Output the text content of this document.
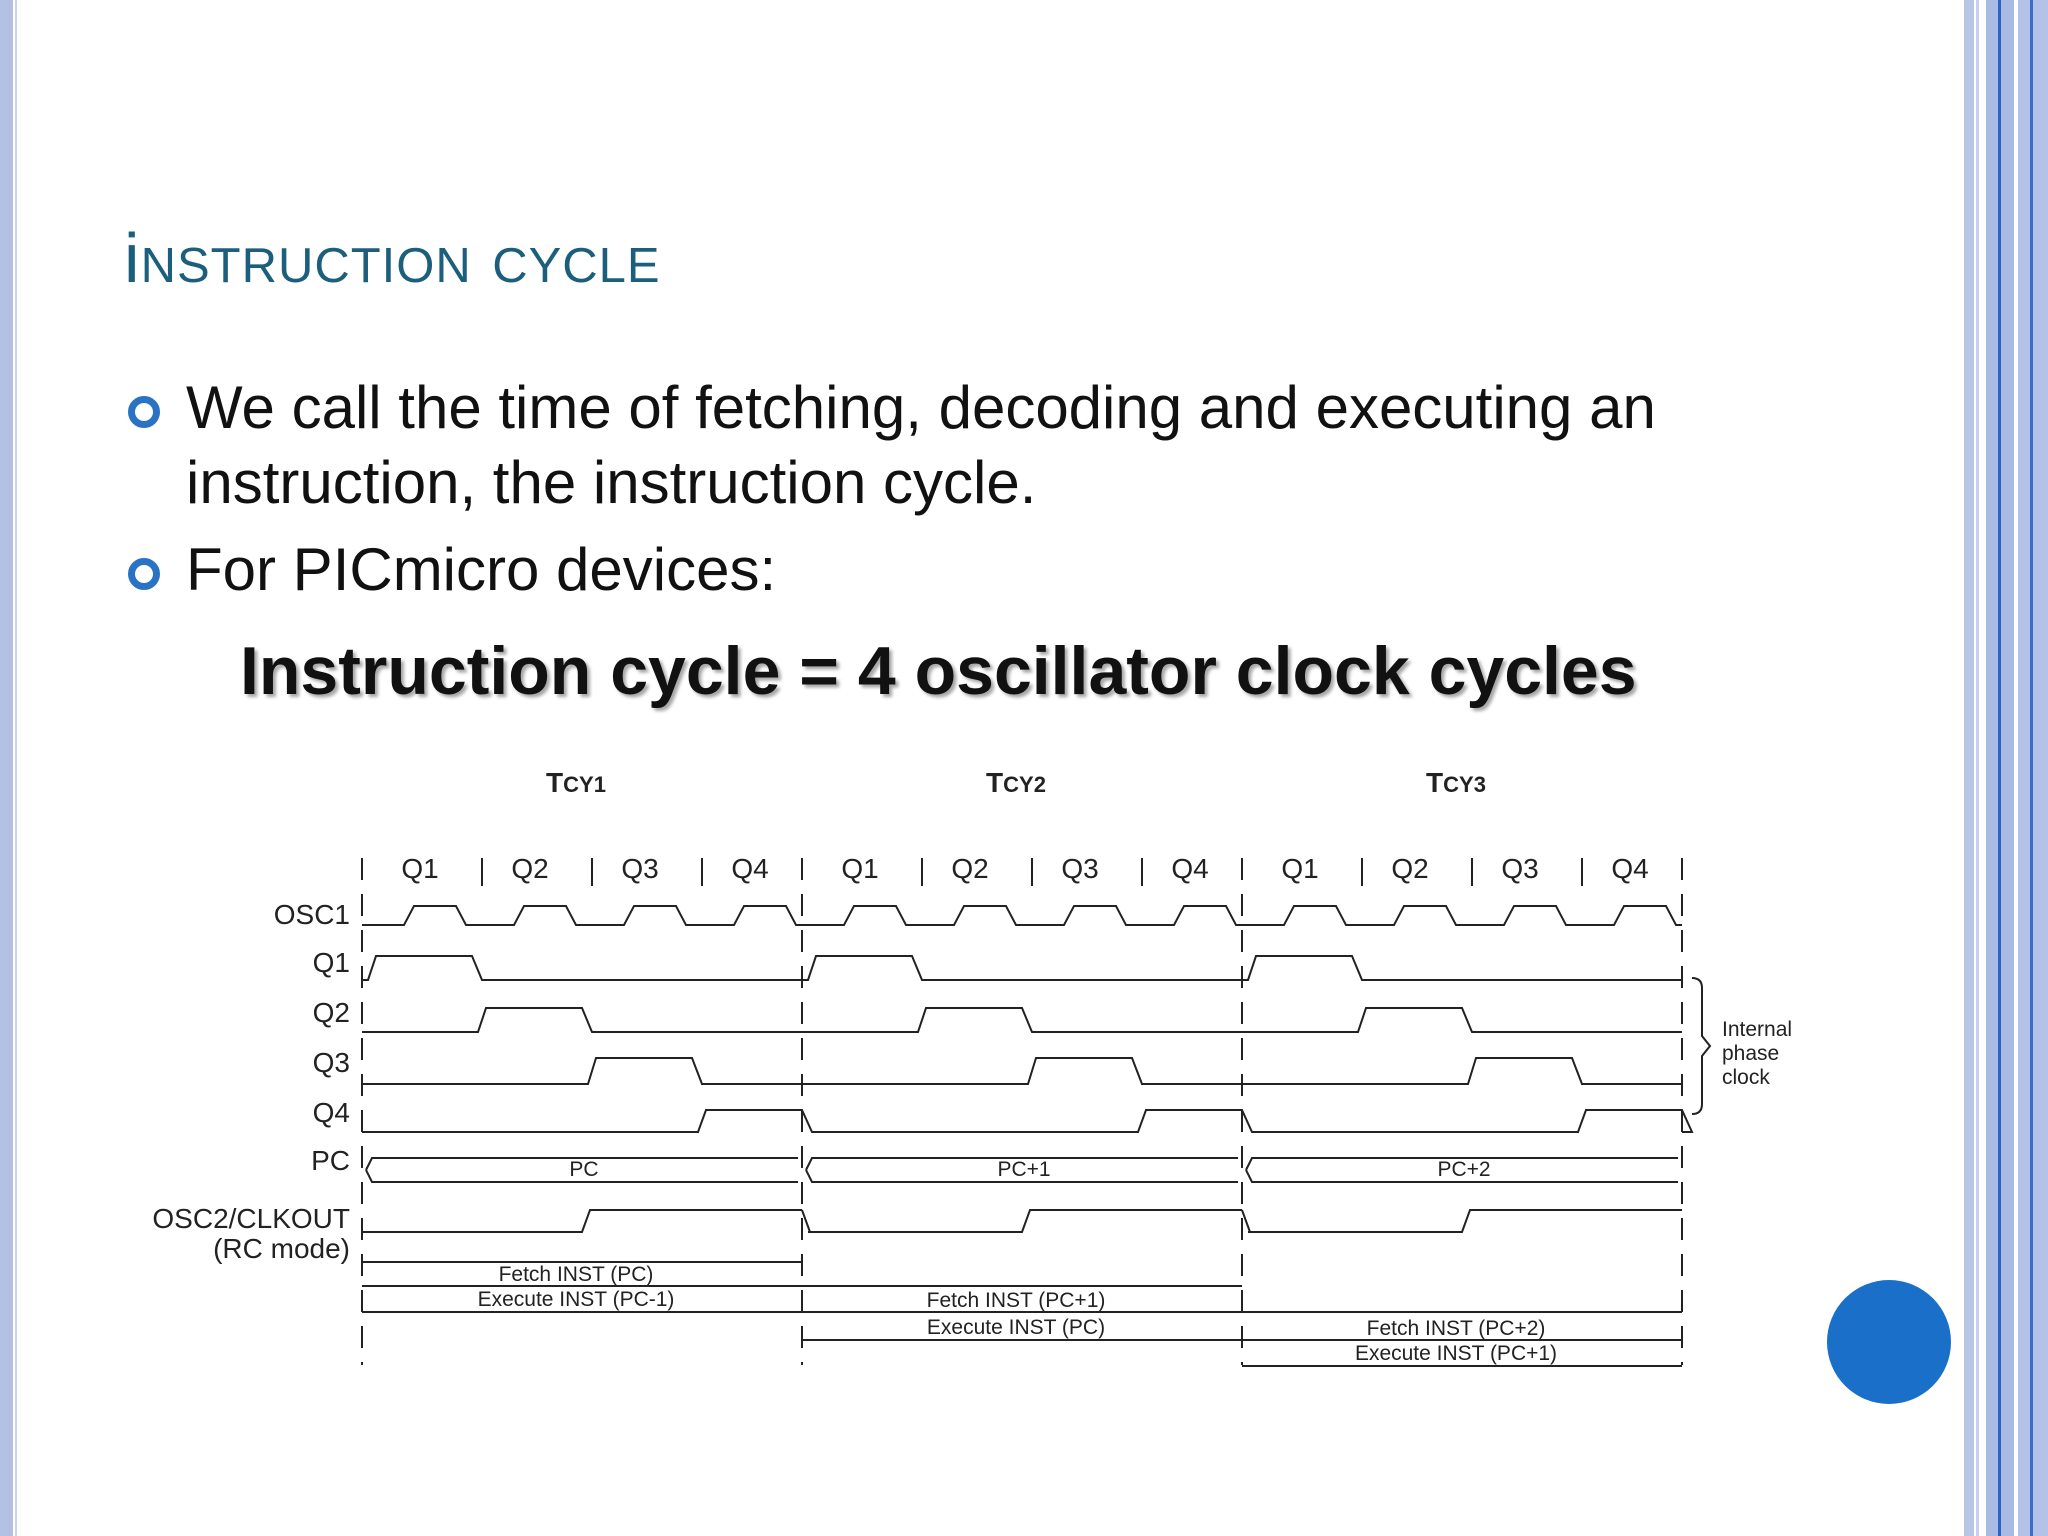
instruction cycle
We call the time of fetching, decoding and executing an instruction, the instruction cycle.
For PICmicro devices:
Instruction cycle = 4 oscillator clock cycles
TCY1	TCY2	TCY3
Q1	Q2	Q3	Q4	Q1	Q2	Q3	Q4	Q1	Q2	Q3	Q4
OSC1
Q1
Q2
Q3
Q4
PC
OSC2/CLKOUT
(RC mode)
Internal
phase
clock
PC	PC+1	PC+2
Fetch INST (PC)
Execute INST (PC-1)	Fetch INST (PC+1)
Execute INST (PC)	Fetch INST (PC+2)
Execute INST (PC+1)
